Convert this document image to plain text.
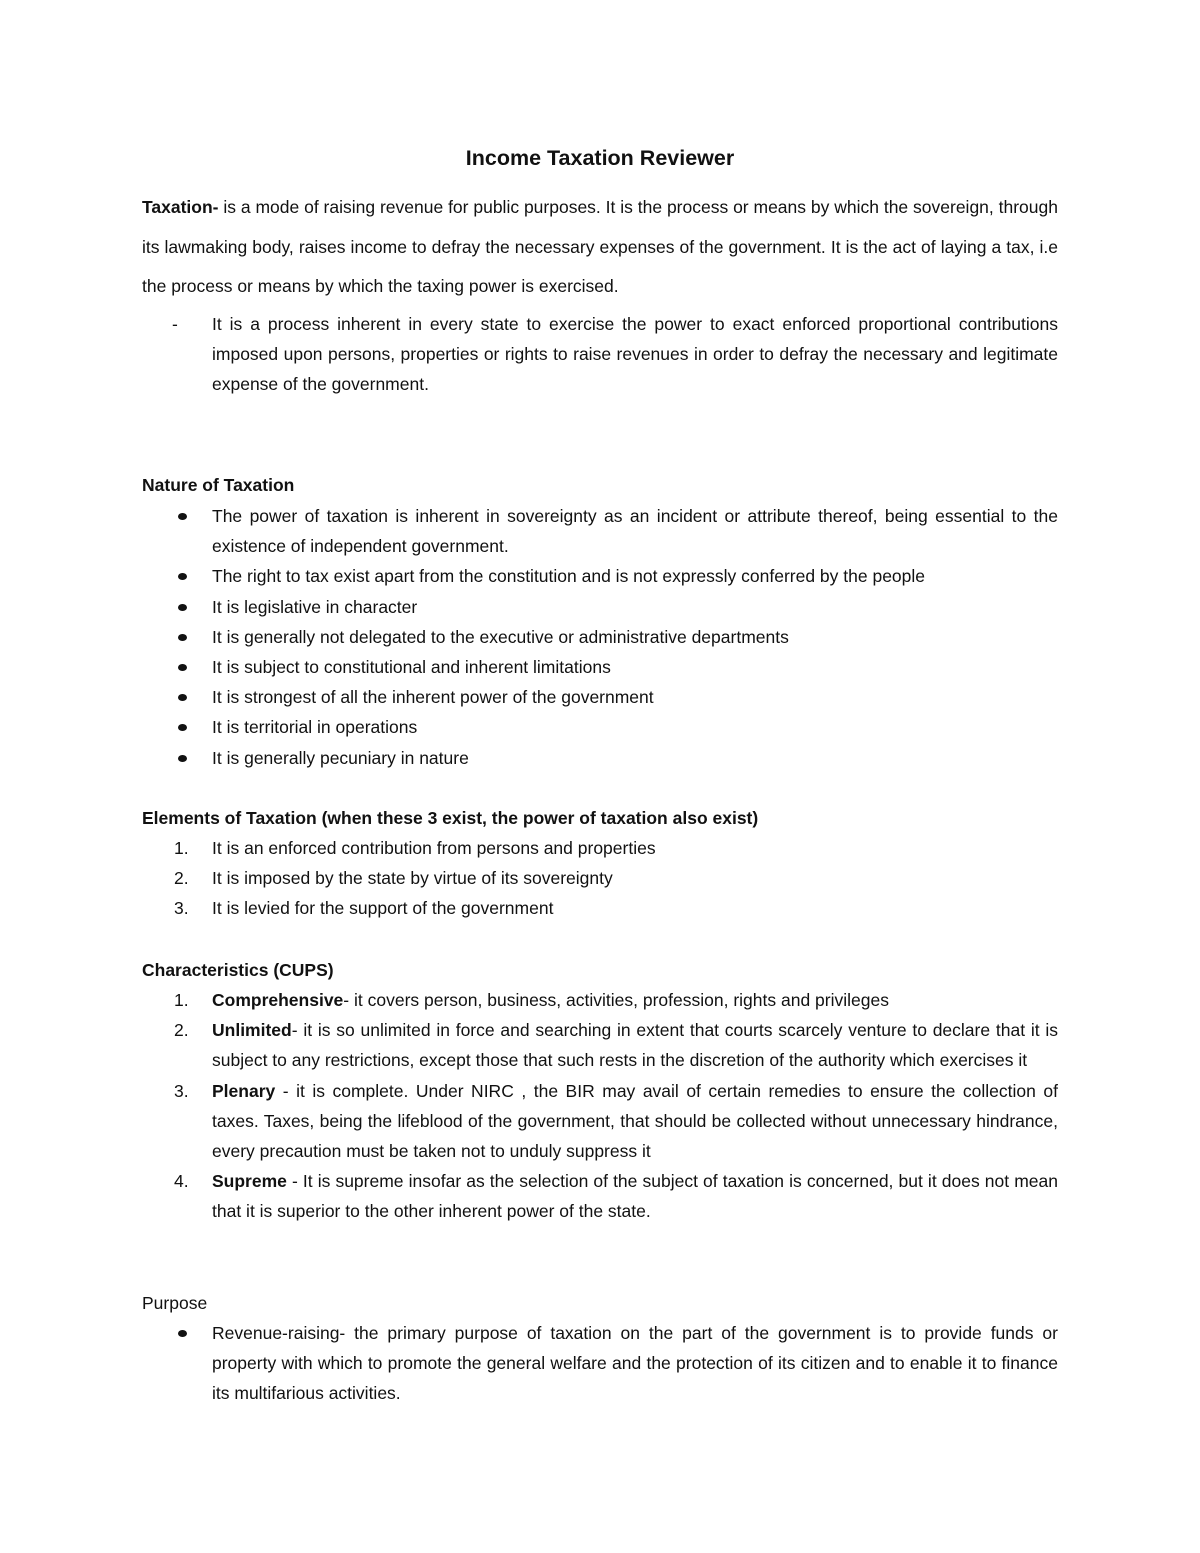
Income Taxation Reviewer

Taxation- is a mode of raising revenue for public purposes. It is the process or means by which the sovereign, through its lawmaking body, raises income to defray the necessary expenses of the government. It is the act of laying a tax, i.e the process or means by which the taxing power is exercised.

- It is a process inherent in every state to exercise the power to exact enforced proportional contributions imposed upon persons, properties or rights to raise revenues in order to defray the necessary and legitimate expense of the government.

Nature of Taxation

The power of taxation is inherent in sovereignty as an incident or attribute thereof, being essential to the existence of independent government.
The right to tax exist apart from the constitution and is not expressly conferred by the people
It is legislative in character
It is generally not delegated to the executive or administrative departments
It is subject to constitutional and inherent limitations
It is strongest of all the inherent power of the government
It is territorial in operations
It is generally pecuniary in nature

Elements of Taxation (when these 3 exist, the power of taxation also exist)

1. It is an enforced contribution from persons and properties
2. It is imposed by the state by virtue of its sovereignty
3. It is levied for the support of the government

Characteristics (CUPS)

1. Comprehensive- it covers person, business, activities, profession, rights and privileges
2. Unlimited- it is so unlimited in force and searching in extent that courts scarcely venture to declare that it is subject to any restrictions, except those that such rests in the discretion of the authority which exercises it
3. Plenary - it is complete. Under NIRC , the BIR may avail of certain remedies to ensure the collection of taxes. Taxes, being the lifeblood of the government, that should be collected without unnecessary hindrance, every precaution must be taken not to unduly suppress it
4. Supreme - It is supreme insofar as the selection of the subject of taxation is concerned, but it does not mean that it is superior to the other inherent power of the state.

Purpose

Revenue-raising- the primary purpose of taxation on the part of the government is to provide funds or property with which to promote the general welfare and the protection of its citizen and to enable it to finance its multifarious activities.
